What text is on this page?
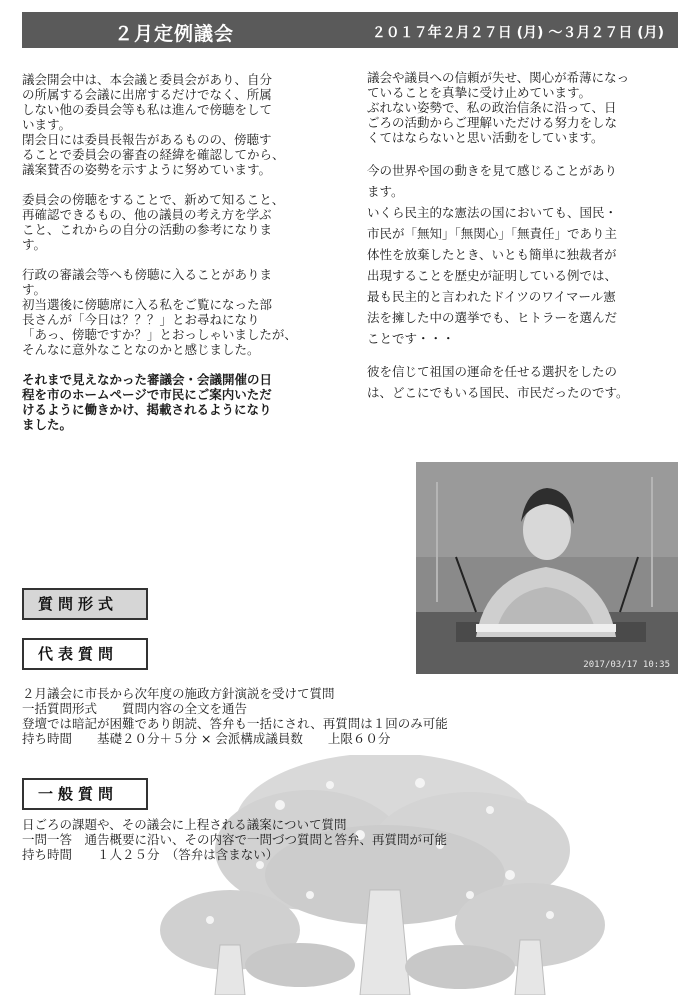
２月定例議会	２０１７年２月２７日 (月) 〜３月２７日 (月)

議会開会中は、本会議と委員会があり、自分
の所属する会議に出席するだけでなく、所属
しない他の委員会等も私は進んで傍聴をして
います。
閉会日には委員長報告があるものの、傍聴す
ることで委員会の審査の経緯を確認してから、
議案賛否の姿勢を示すように努めています。

委員会の傍聴をすることで、新めて知ること、
再確認できるもの、他の議員の考え方を学ぶ
こと、これからの自分の活動の参考になりま
す。

行政の審議会等へも傍聴に入ることがありま
す。
初当選後に傍聴席に入る私をご覧になった部
長さんが「今日は？？？」とお尋ねになり
「あっ、傍聴ですか？」とおっしゃいましたが、
そんなに意外なことなのかと感じました。

それまで見えなかった審議会・会議開催の日
程を市のホームページで市民にご案内いただ
けるように働きかけ、掲載されるようになり
ました。

議会や議員への信頼が失せ、関心が希薄になっ
ていることを真摯に受け止めています。
ぶれない姿勢で、私の政治信条に沿って、日
ごろの活動からご理解いただける努力をしな
くてはならないと思い活動をしています。

今の世界や国の動きを見て感じることがあり
ます。
いくら民主的な憲法の国においても、国民・
市民が「無知」「無関心」「無責任」であり主
体性を放棄したとき、いとも簡単に独裁者が
出現することを歴史が証明している例では、
最も民主的と言われたドイツのワイマール憲
法を擁した中の選挙でも、ヒトラーを選んだ
ことです・・・

彼を信じて祖国の運命を任せる選択をしたの
は、どこにでもいる国民、市民だったのです。

2017/03/17 10:35
質問形式
代表質問
２月議会に市長から次年度の施政方針演説を受けて質問
一括質問形式　　質問内容の全文を通告
登壇では暗記が困難であり朗読、答弁も一括にされ、再質問は１回のみ可能
持ち時間　　基礎２０分＋５分 × 会派構成議員数　　上限６０分
一般質問
日ごろの課題や、その議会に上程される議案について質問
一問一答　通告概要に沿い、その内容で一問づつ質問と答弁、再質問が可能
持ち時間　　１人２５分　（答弁は含まない）
